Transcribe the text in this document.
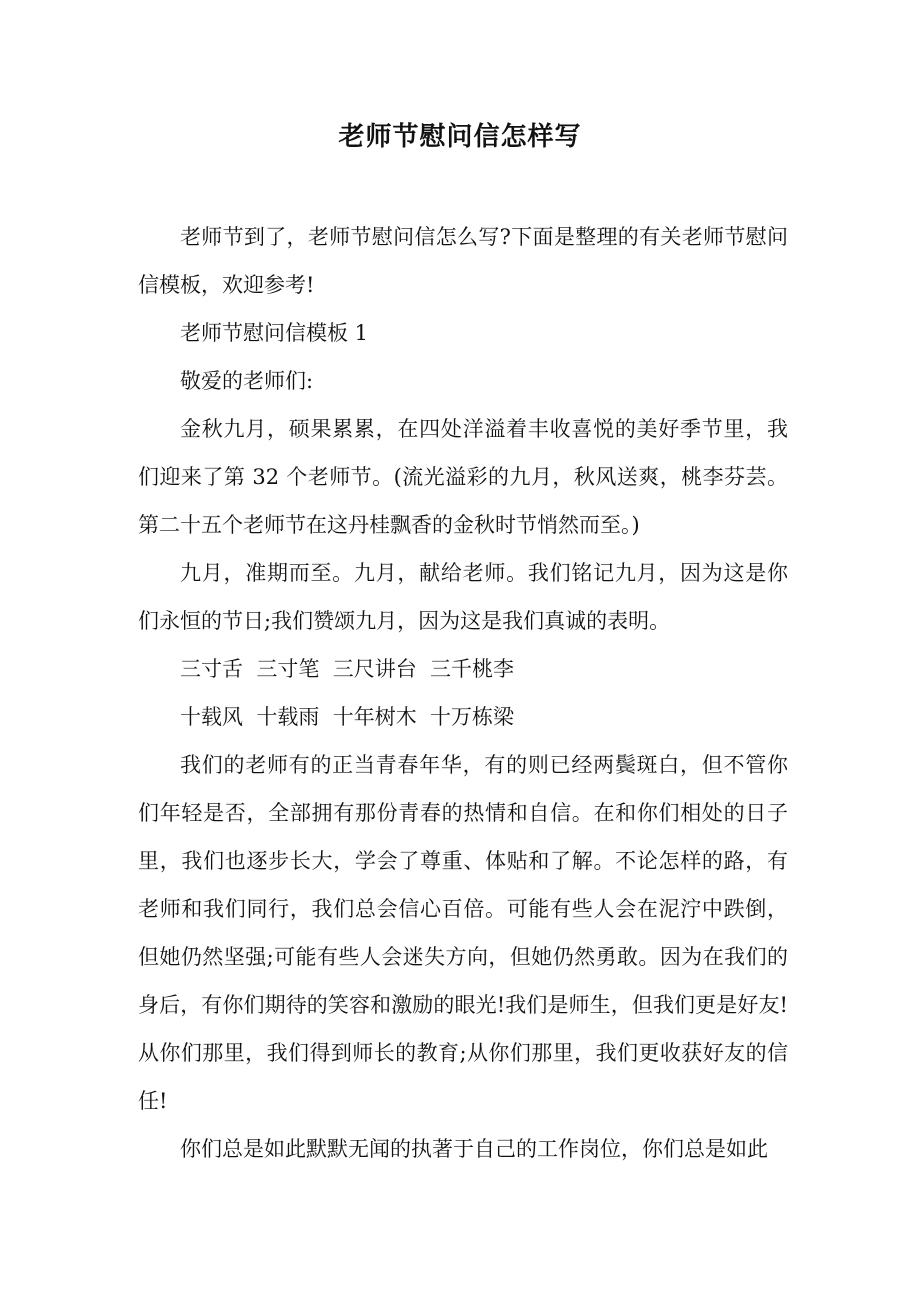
老师节慰问信怎样写

老师节到了，老师节慰问信怎么写?下面是整理的有关老师节慰问信模板，欢迎参考!

老师节慰问信模板 1

敬爱的老师们:

金秋九月，硕果累累，在四处洋溢着丰收喜悦的美好季节里，我们迎来了第 32 个老师节。(流光溢彩的九月，秋风送爽，桃李芬芸。第二十五个老师节在这丹桂飘香的金秋时节悄然而至。)

九月，准期而至。九月，献给老师。我们铭记九月，因为这是你们永恒的节日;我们赞颂九月，因为这是我们真诚的表明。

三寸舌  三寸笔  三尺讲台  三千桃李

十载风  十载雨  十年树木  十万栋梁

我们的老师有的正当青春年华，有的则已经两鬓斑白，但不管你们年轻是否，全部拥有那份青春的热情和自信。在和你们相处的日子里，我们也逐步长大，学会了尊重、体贴和了解。不论怎样的路，有老师和我们同行，我们总会信心百倍。可能有些人会在泥泞中跌倒，但她仍然坚强;可能有些人会迷失方向，但她仍然勇敢。因为在我们的身后，有你们期待的笑容和激励的眼光!我们是师生，但我们更是好友!从你们那里，我们得到师长的教育;从你们那里，我们更收获好友的信任!

你们总是如此默默无闻的执著于自己的工作岗位，你们总是如此
